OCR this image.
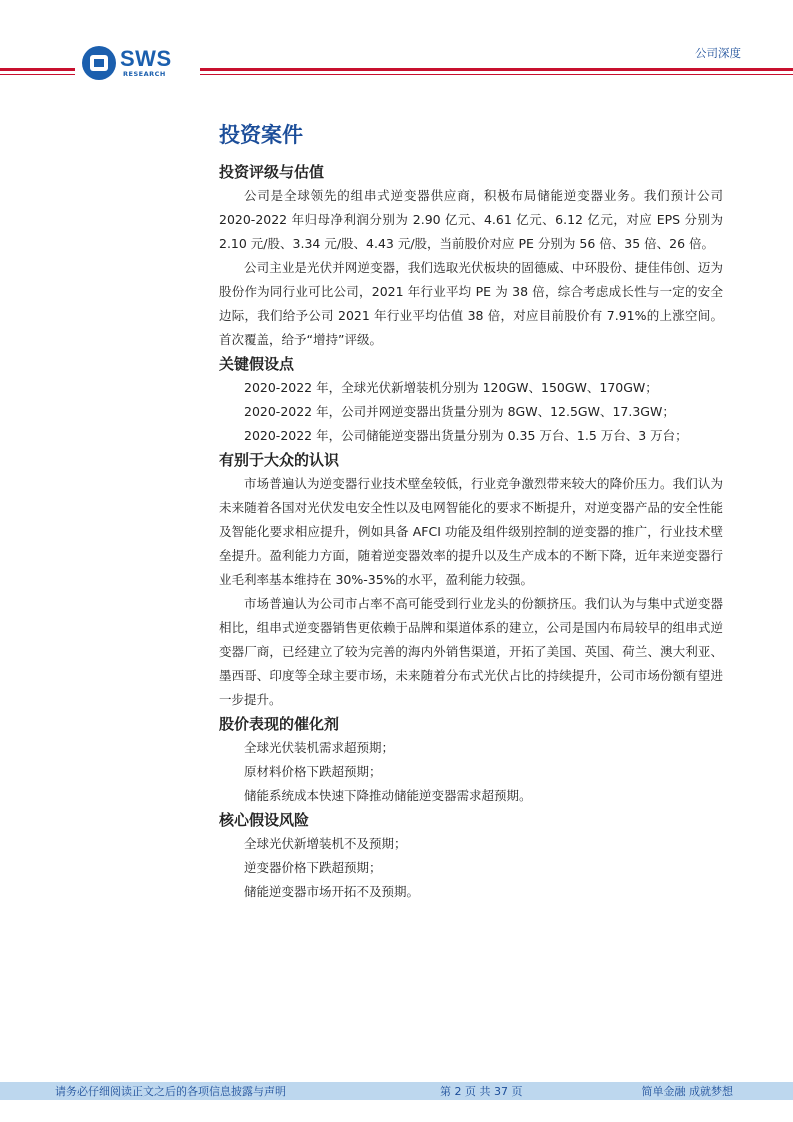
SWS
RESEARCH
公司深度
投资案件
投资评级与估值

公司是全球领先的组串式逆变器供应商，积极布局储能逆变器业务。我们预计公司2020-2022 年归母净利润分别为 2.90 亿元、4.61 亿元、6.12 亿元，对应 EPS 分别为 2.10 元/股、3.34 元/股、4.43 元/股，当前股价对应 PE 分别为 56 倍、35 倍、26 倍。

公司主业是光伏并网逆变器，我们选取光伏板块的固德威、中环股份、捷佳伟创、迈为股份作为同行业可比公司，2021 年行业平均 PE 为 38 倍，综合考虑成长性与一定的安全边际，我们给予公司 2021 年行业平均估值 38 倍，对应目前股价有 7.91%的上涨空间。首次覆盖，给予“增持”评级。

关键假设点

2020-2022 年，全球光伏新增装机分别为 120GW、150GW、170GW；

2020-2022 年，公司并网逆变器出货量分别为 8GW、12.5GW、17.3GW；

2020-2022 年，公司储能逆变器出货量分别为 0.35 万台、1.5 万台、3 万台；

有别于大众的认识

市场普遍认为逆变器行业技术壁垒较低，行业竞争激烈带来较大的降价压力。我们认为未来随着各国对光伏发电安全性以及电网智能化的要求不断提升，对逆变器产品的安全性能及智能化要求相应提升，例如具备 AFCI 功能及组件级别控制的逆变器的推广，行业技术壁垒提升。盈利能力方面，随着逆变器效率的提升以及生产成本的不断下降，近年来逆变器行业毛利率基本维持在 30%-35%的水平，盈利能力较强。

市场普遍认为公司市占率不高可能受到行业龙头的份额挤压。我们认为与集中式逆变器相比，组串式逆变器销售更依赖于品牌和渠道体系的建立，公司是国内布局较早的组串式逆变器厂商，已经建立了较为完善的海内外销售渠道，开拓了美国、英国、荷兰、澳大利亚、墨西哥、印度等全球主要市场，未来随着分布式光伏占比的持续提升，公司市场份额有望进一步提升。

股价表现的催化剂

全球光伏装机需求超预期；

原材料价格下跌超预期；

储能系统成本快速下降推动储能逆变器需求超预期。

核心假设风险

全球光伏新增装机不及预期；

逆变器价格下跌超预期；

储能逆变器市场开拓不及预期。

请务必仔细阅读正文之后的各项信息披露与声明	第 2 页 共 37 页	简单金融 成就梦想
